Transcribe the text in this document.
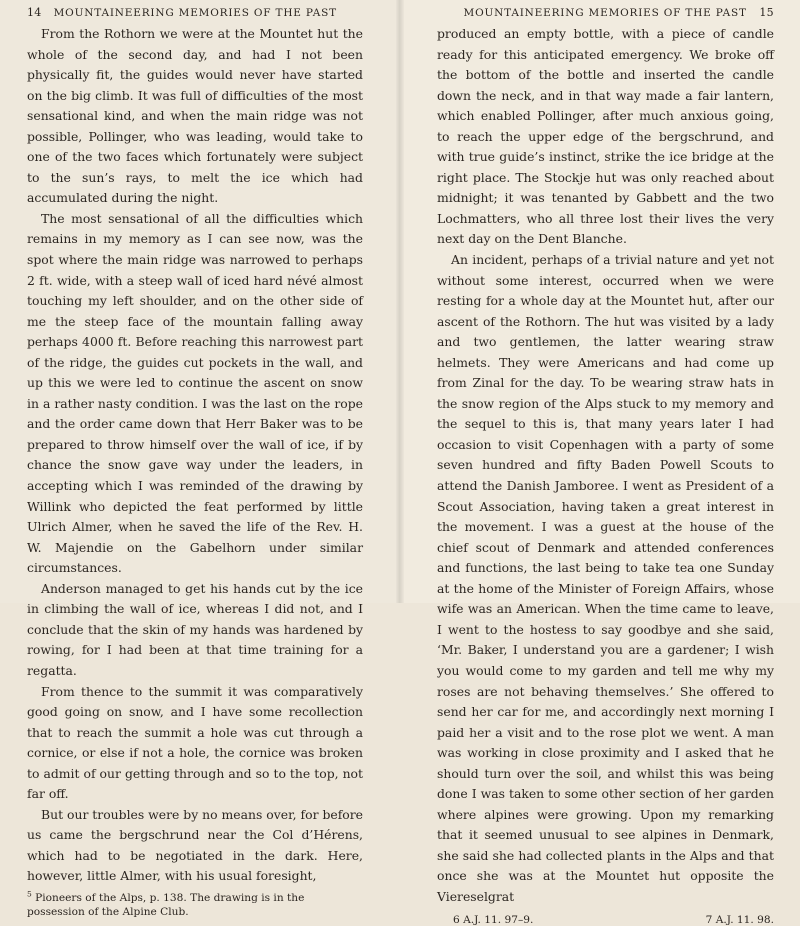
14 MOUNTAINEERING MEMORIES OF THE PAST

From the Rothorn we were at the Mountet hut the whole of the second day, and had I not been physically fit, the guides would never have started on the big climb. It was full of difficulties of the most sensational kind, and when the main ridge was not possible, Pollinger, who was leading, would take to one of the two faces which fortunately were subject to the sun’s rays, to melt the ice which had accumulated during the night.

The most sensational of all the difficulties which remains in my memory as I can see now, was the spot where the main ridge was narrowed to perhaps 2 ft. wide, with a steep wall of iced hard névé almost touching my left shoulder, and on the other side of me the steep face of the mountain falling away perhaps 4000 ft. Before reaching this narrowest part of the ridge, the guides cut pockets in the wall, and up this we were led to continue the ascent on snow in a rather nasty condition. I was the last on the rope and the order came down that Herr Baker was to be prepared to throw himself over the wall of ice, if by chance the snow gave way under the leaders, in accepting which I was reminded of the drawing by Willink who depicted the feat performed by little Ulrich Almer, when he saved the life of the Rev. H. W. Majendie on the Gabelhorn under similar circumstances.

Anderson managed to get his hands cut by the ice in climbing the wall of ice, whereas I did not, and I conclude that the skin of my hands was hardened by rowing, for I had been at that time training for a regatta.

From thence to the summit it was comparatively good going on snow, and I have some recollection that to reach the summit a hole was cut through a cornice, or else if not a hole, the cornice was broken to admit of our getting through and so to the top, not far off.

But our troubles were by no means over, for before us came the bergschrund near the Col d’Hérens, which had to be negotiated in the dark. Here, however, little Almer, with his usual foresight,

$^5$ Pioneers of the Alps, p. 138. The drawing is in the possession of the Alpine Club.

MOUNTAINEERING MEMORIES OF THE PAST 15

produced an empty bottle, with a piece of candle ready for this anticipated emergency. We broke off the bottom of the bottle and inserted the candle down the neck, and in that way made a fair lantern, which enabled Pollinger, after much anxious going, to reach the upper edge of the bergschrund, and with true guide’s instinct, strike the ice bridge at the right place. The Stockje hut was only reached about midnight; it was tenanted by Gabbett and the two Lochmatters, who all three lost their lives the very next day on the Dent Blanche.

An incident, perhaps of a trivial nature and yet not without some interest, occurred when we were resting for a whole day at the Mountet hut, after our ascent of the Rothorn. The hut was visited by a lady and two gentlemen, the latter wearing straw helmets. They were Americans and had come up from Zinal for the day. To be wearing straw hats in the snow region of the Alps stuck to my memory and the sequel to this is, that many years later I had occasion to visit Copenhagen with a party of some seven hundred and fifty Baden Powell Scouts to attend the Danish Jamboree. I went as President of a Scout Association, having taken a great interest in the movement. I was a guest at the house of the chief scout of Denmark and attended conferences and functions, the last being to take tea one Sunday at the home of the Minister of Foreign Affairs, whose wife was an American. When the time came to leave, I went to the hostess to say goodbye and she said, ‘Mr. Baker, I understand you are a gardener; I wish you would come to my garden and tell me why my roses are not behaving themselves.’ She offered to send her car for me, and accordingly next morning I paid her a visit and to the rose plot we went. A man was working in close proximity and I asked that he should turn over the soil, and whilst this was being done I was taken to some other section of her garden where alpines were growing. Upon my remarking that it seemed unusual to see alpines in Denmark, she said she had collected plants in the Alps and that once she was at the Mountet hut opposite the Viereselgrat

6 A.J. 11. 97–9.	7 A.J. 11. 98.
